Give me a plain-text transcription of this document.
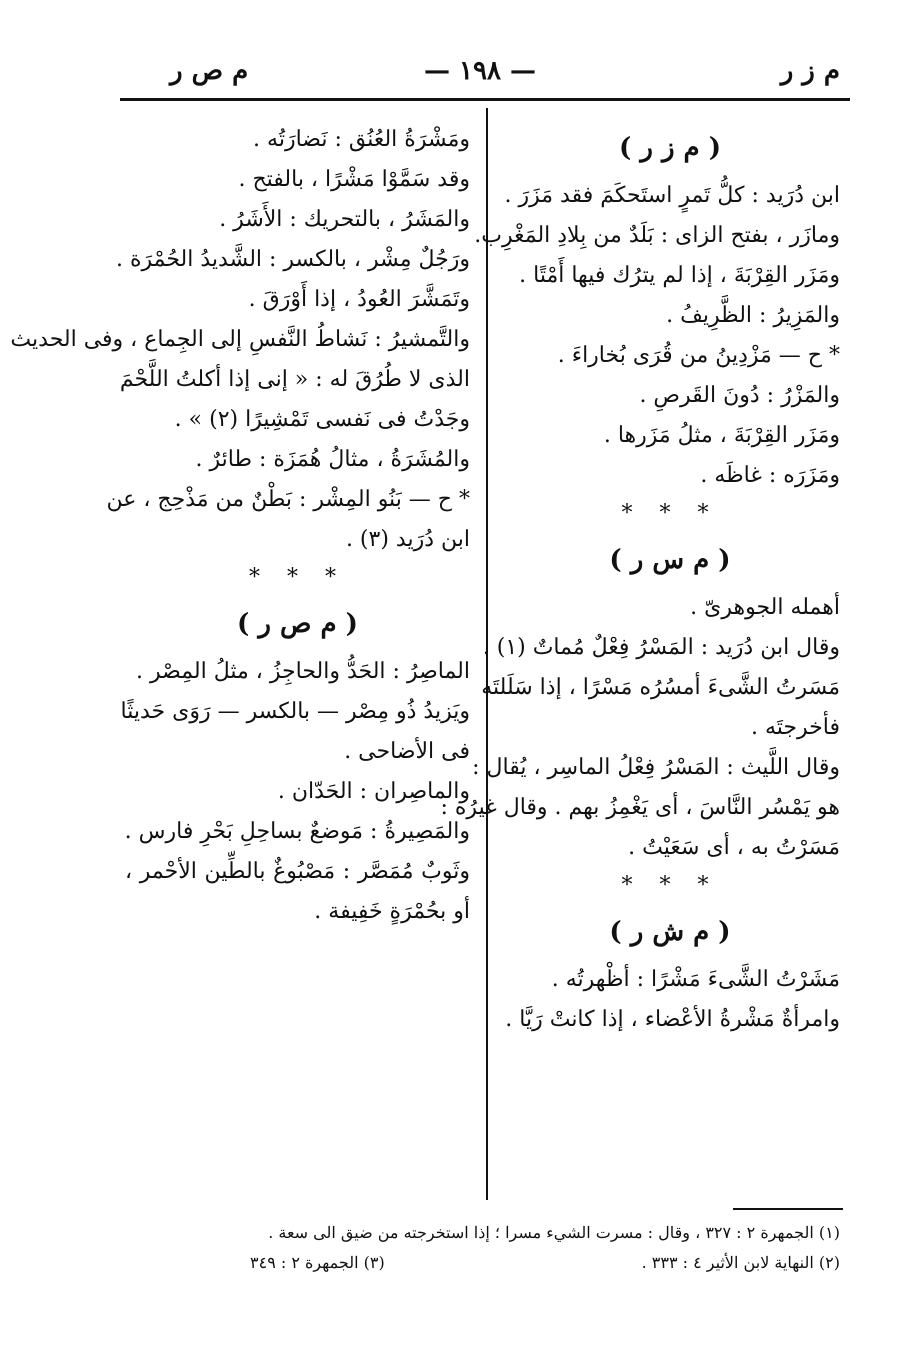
م ز ر
— ١٩٨ —
م ص ر
( م ز ر )
ابن دُرَيد : كلُّ تَمرٍ استَحكَمَ فقد مَزَرَ .
ومازَر ، بفتح الزاى : بَلَدٌ من بِلادِ المَغْرِب.
ومَزَر القِرْبَةَ ، إذا لم يترُك فيها أَمْتًا .
والمَزِيرُ : الظَّرِيفُ .
* ح — مَزْدِينُ من قُرَى بُخاراءَ .
والمَزْرُ : دُونَ القَرصِ .
ومَزَر القِرْبَةَ ، مثلُ مَزَرها .
ومَزَرَه : غاظَه .
* * *
( م س ر )
أهمله الجوهرىّ .
وقال ابن دُرَيد : المَسْرُ فِعْلٌ مُماتٌ (١) .
مَسَرتُ الشَّىءَ أمسُرُه مَسْرًا ، إذا سَلَلتَه
فأخرجتَه .
وقال اللَّيث : المَسْرُ فِعْلُ الماسِر ، يُقال :
هو يَمْسُر النَّاسَ ، أى يَغْمِزُ بهم . وقال غيرُه :
مَسَرْتُ به ، أى سَعَيْتُ .
* * *
( م ش ر )
مَشَرْتُ الشَّىءَ مَشْرًا : أظْهرتُه .
وامرأةٌ مَشْرةُ الأعْضاء ، إذا كانتْ رَيَّا .
ومَشْرَةُ العُنُق : نَضارَتُه .
وقد سَمَّوْا مَشْرًا ، بالفتح .
والمَشَرُ ، بالتحريك : الأَشَرُ .
ورَجُلٌ مِشْر ، بالكسر : الشَّديدُ الحُمْرَة .
وتَمَشَّرَ العُودُ ، إذا أَوْرَقَ .
والتَّمشيرُ : نَشاطُ النَّفسِ إلى الجِماع ، وفى الحديث
الذى لا طُرُقَ له : « إنى إذا أكلتُ اللَّحْمَ
وجَدْتُ فى نَفسى تَمْشِيرًا (٢) » .
والمُشَرَةُ ، مثالُ هُمَزَة : طائرٌ .
* ح — بَنُو المِشْر : بَطْنٌ من مَذْحِج ، عن
ابن دُرَيد (٣) .
* * *
( م ص ر )
الماصِرُ : الحَدُّ والحاجِزُ ، مثلُ المِصْر .
ويَزيدُ ذُو مِصْر — بالكسر — رَوَى حَديثًا
فى الأضاحى .
والماصِران : الحَدّان .
والمَصِيرةُ : مَوضعٌ بساحِلِ بَحْرِ فارس .
وثَوبٌ مُمَصَّر : مَصْبُوغٌ بالطِّين الأحْمر ،
أو بحُمْرَةٍ خَفِيفة .
(١) الجمهرة ٢ : ٣٢٧ ، وقال : مسرت الشيء مسرا ؛ إذا استخرجته من ضيق الى سعة .
(٢) النهاية لابن الأثير ٤ : ٣٣٣ .
(٣) الجمهرة ٢ : ٣٤٩
